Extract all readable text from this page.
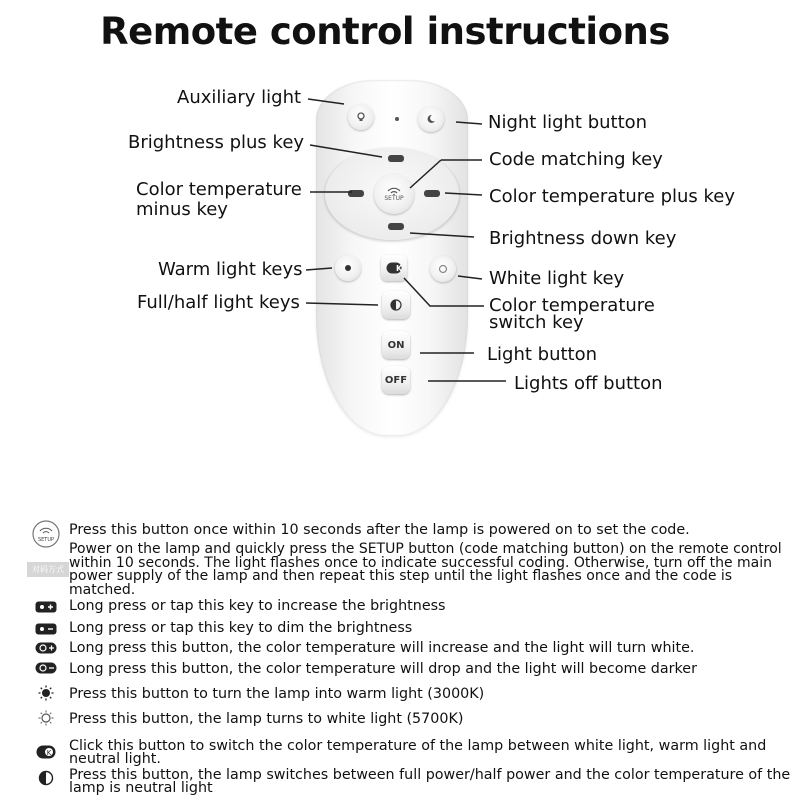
Remote control instructions
SETUP
K
ON
OFF
Auxiliary light
Night light button
Brightness plus key
Code matching key
Color temperature minus key
Color temperature plus key
Brightness down key
Warm light keys	White light key
Full/half light keys	Color temperature switch key
Light button
Lights off button
SETUP
Press this button once within 10 seconds after the lamp is powered on to set the code.
对码方式
Power on the lamp and quickly press the SETUP button (code matching button) on the remote control within 10 seconds. The light flashes once to indicate successful coding. Otherwise, turn off the main power supply of the lamp and then repeat this step until the light flashes once and the code is matched.
Long press or tap this key to increase the brightness
Long press or tap this key to dim the brightness
Long press this button, the color temperature will increase and the light will turn white.
Long press this button, the color temperature will drop and the light will become darker
Press this button to turn the lamp into warm light (3000K)
Press this button, the lamp turns to white light (5700K)
K Click this button to switch the color temperature of the lamp between white light, warm light and neutral light.
Press this button, the lamp switches between full power/half power and the color temperature of the lamp is neutral light
